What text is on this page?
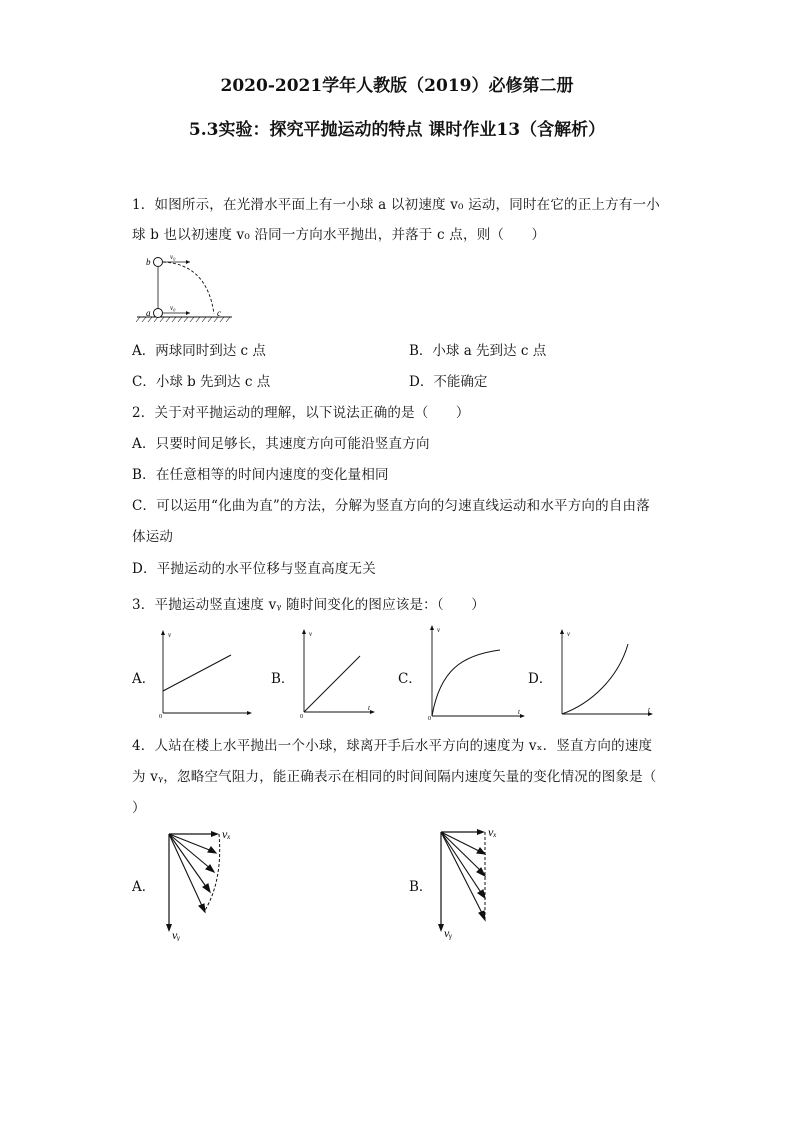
2020-2021学年人教版（2019）必修第二册
5.3实验：探究平抛运动的特点 课时作业13（含解析）
1．如图所示，在光滑水平面上有一小球 a 以初速度 v₀ 运动，同时在它的正上方有一小
球 b 也以初速度 v₀ 沿同一方向水平抛出，并落于 c 点，则（　　）
v₀
b
v₀
a	c
A．两球同时到达 c 点	B．小球 a 先到达 c 点
C．小球 b 先到达 c 点	D．不能确定
2．关于对平抛运动的理解，以下说法正确的是（　　）
A．只要时间足够长，其速度方向可能沿竖直方向
B．在任意相等的时间内速度的变化量相同
C．可以运用“化曲为直”的方法，分解为竖直方向的匀速直线运动和水平方向的自由落
体运动
D．平抛运动的水平位移与竖直高度无关
3．平抛运动竖直速度 vᵧ 随时间变化的图应该是：（　　）
A．
v
0
B．
v
t
0
C．
v
t
0
D．
v
t
4．人站在楼上水平抛出一个小球，球离开手后水平方向的速度为 vₓ．竖直方向的速度
为 vᵧ，忽略空气阻力，能正确表示在相同的时间间隔内速度矢量的变化情况的图象是（
）
A．
vₓ
vᵧ
B．
vₓ
vᵧ
